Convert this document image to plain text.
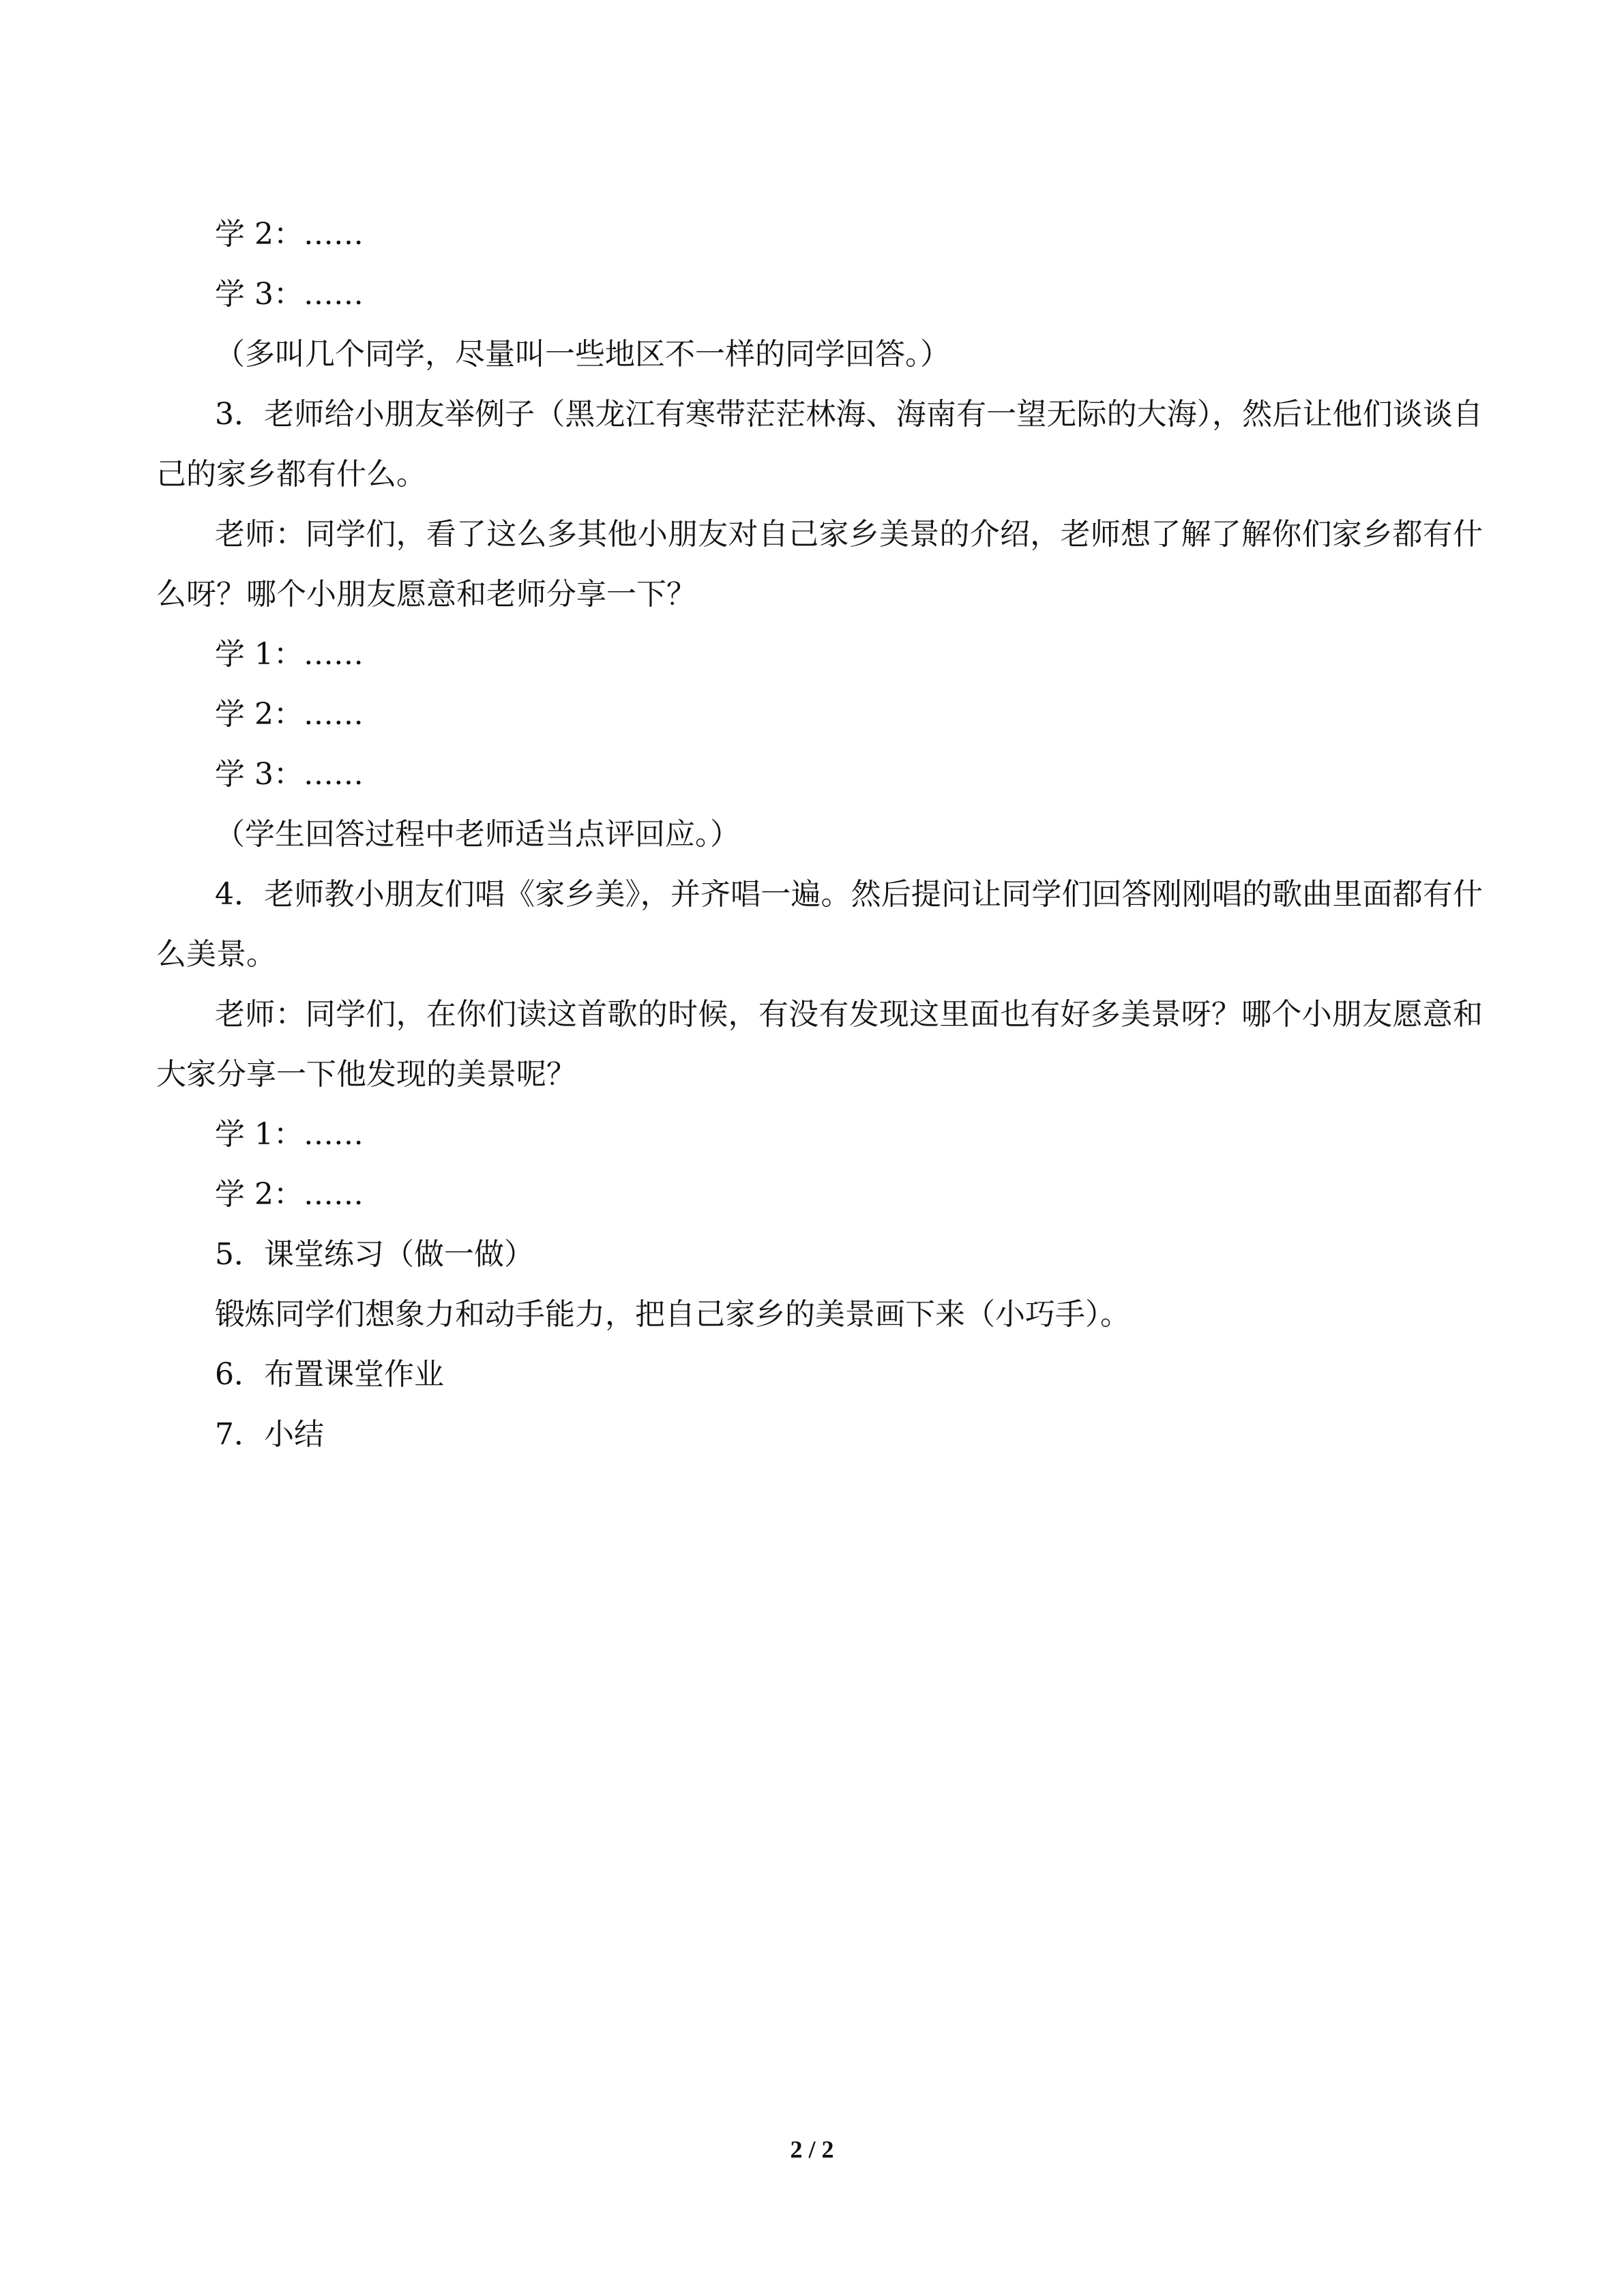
学 2：……

学 3：……

（多叫几个同学，尽量叫一些地区不一样的同学回答。）

3．老师给小朋友举例子（黑龙江有寒带茫茫林海、海南有一望无际的大海），然后让他们谈谈自己的家乡都有什么。

老师：同学们，看了这么多其他小朋友对自己家乡美景的介绍，老师想了解了解你们家乡都有什么呀？哪个小朋友愿意和老师分享一下？

学 1：……

学 2：……

学 3：……

（学生回答过程中老师适当点评回应。）

4．老师教小朋友们唱《家乡美》，并齐唱一遍。然后提问让同学们回答刚刚唱的歌曲里面都有什么美景。

老师：同学们，在你们读这首歌的时候，有没有发现这里面也有好多美景呀？哪个小朋友愿意和大家分享一下他发现的美景呢？

学 1：……

学 2：……

5．课堂练习（做一做）

锻炼同学们想象力和动手能力，把自己家乡的美景画下来（小巧手）。

6．布置课堂作业

7．小结

2 / 2
